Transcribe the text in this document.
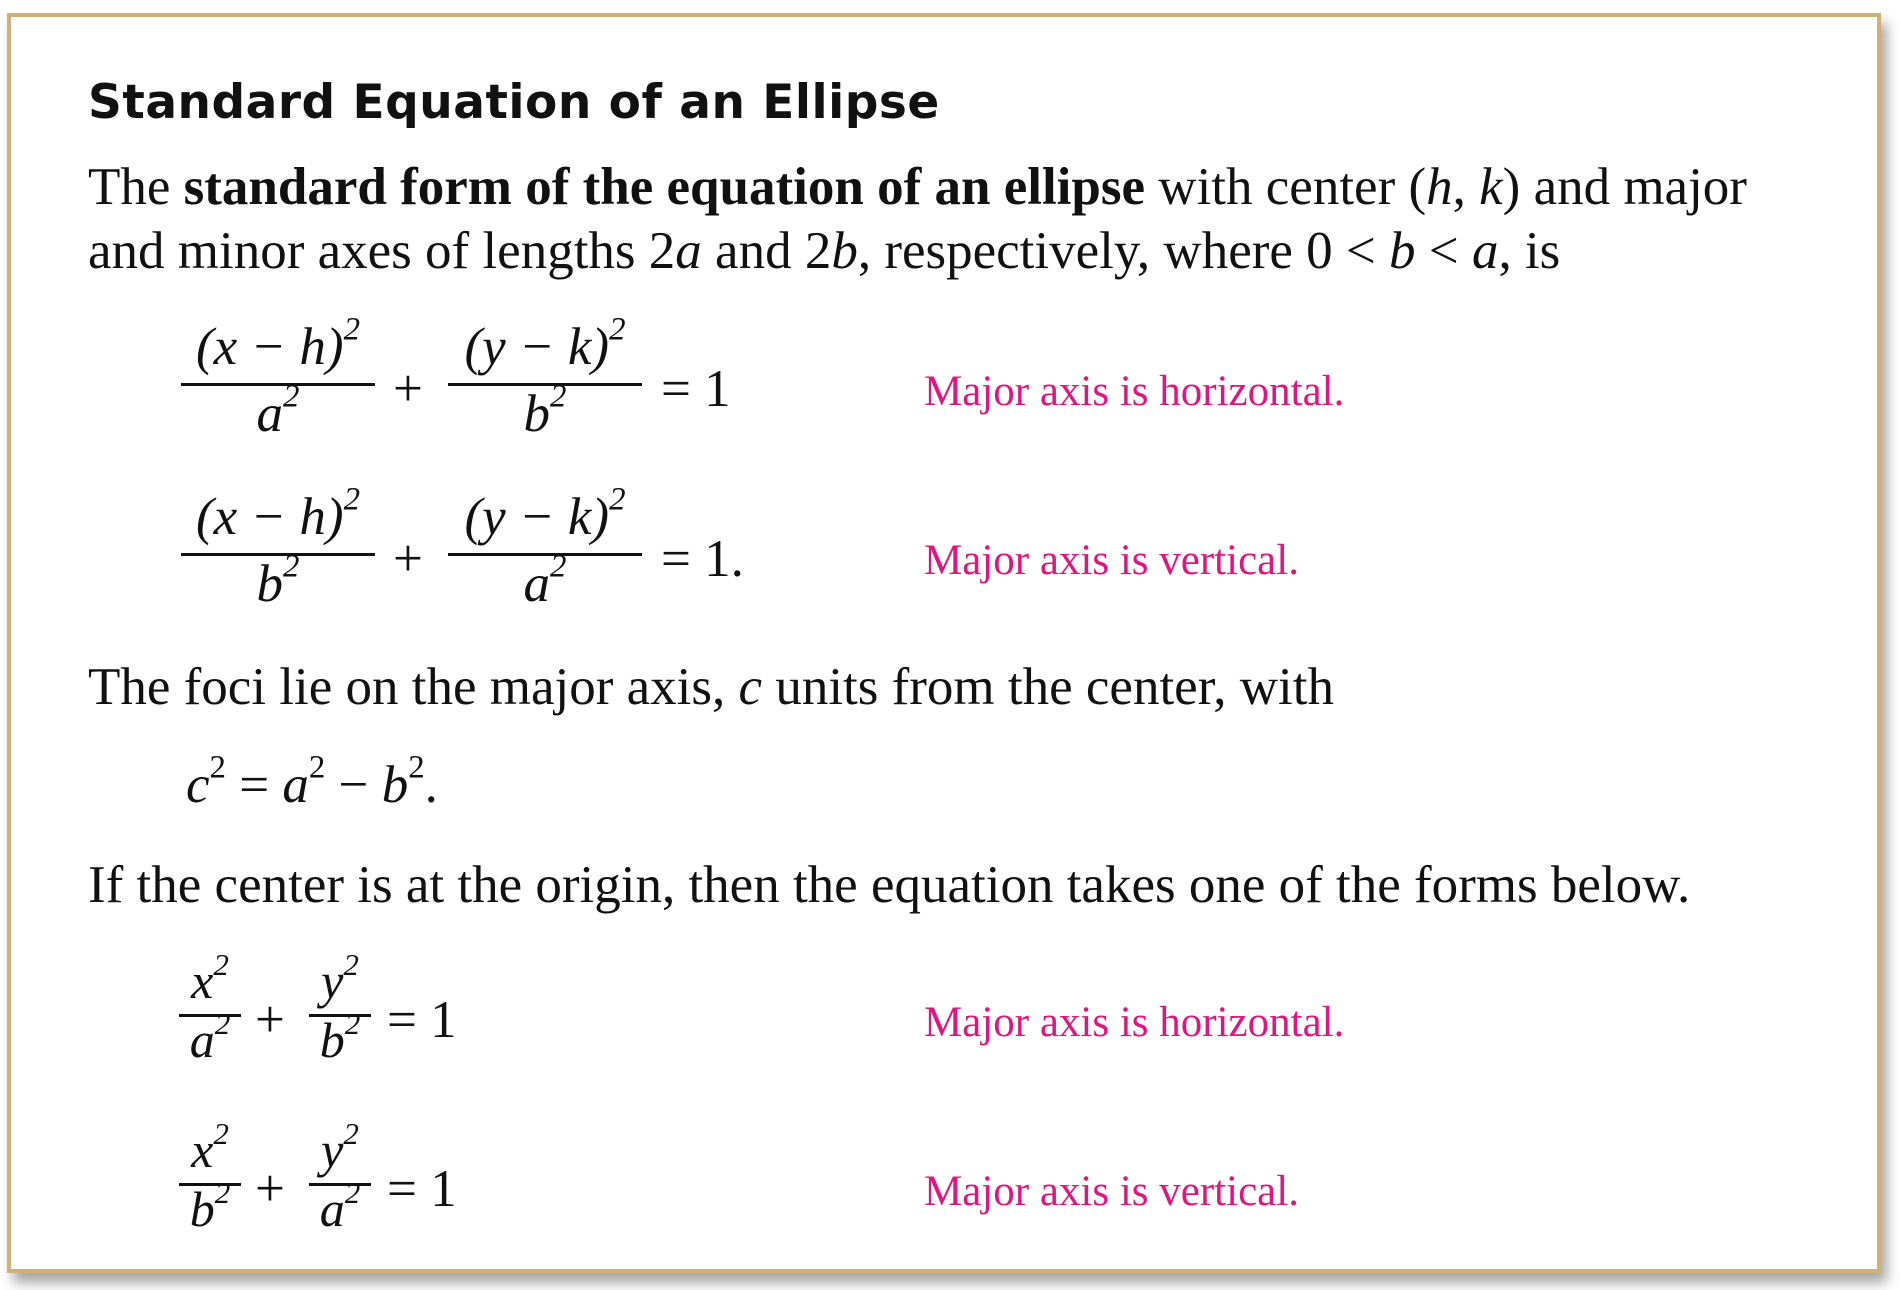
Standard Equation of an Ellipse
The standard form of the equation of an ellipse with center (h, k) and major
and minor axes of lengths 2a and 2b, respectively, where 0 < b < a, is
$(x - h)^2$
$a^2$	+
$(y - k)^2$
$b^2$	= 1	Major axis is horizontal.
$(x - h)^2$
$b^2$	+
$(y - k)^2$
$a^2$	= 1.	Major axis is vertical.
The foci lie on the major axis, c units from the center, with
$c^2 = a^2 - b^2$.
If the center is at the origin, then the equation takes one of the forms below.
$x^2$
$a^2$ +
$y^2$
$b^2 = 1$	Major axis is horizontal.
$x^2$
$b^2$ +
$y^2$
$a^2 = 1$	Major axis is vertical.
